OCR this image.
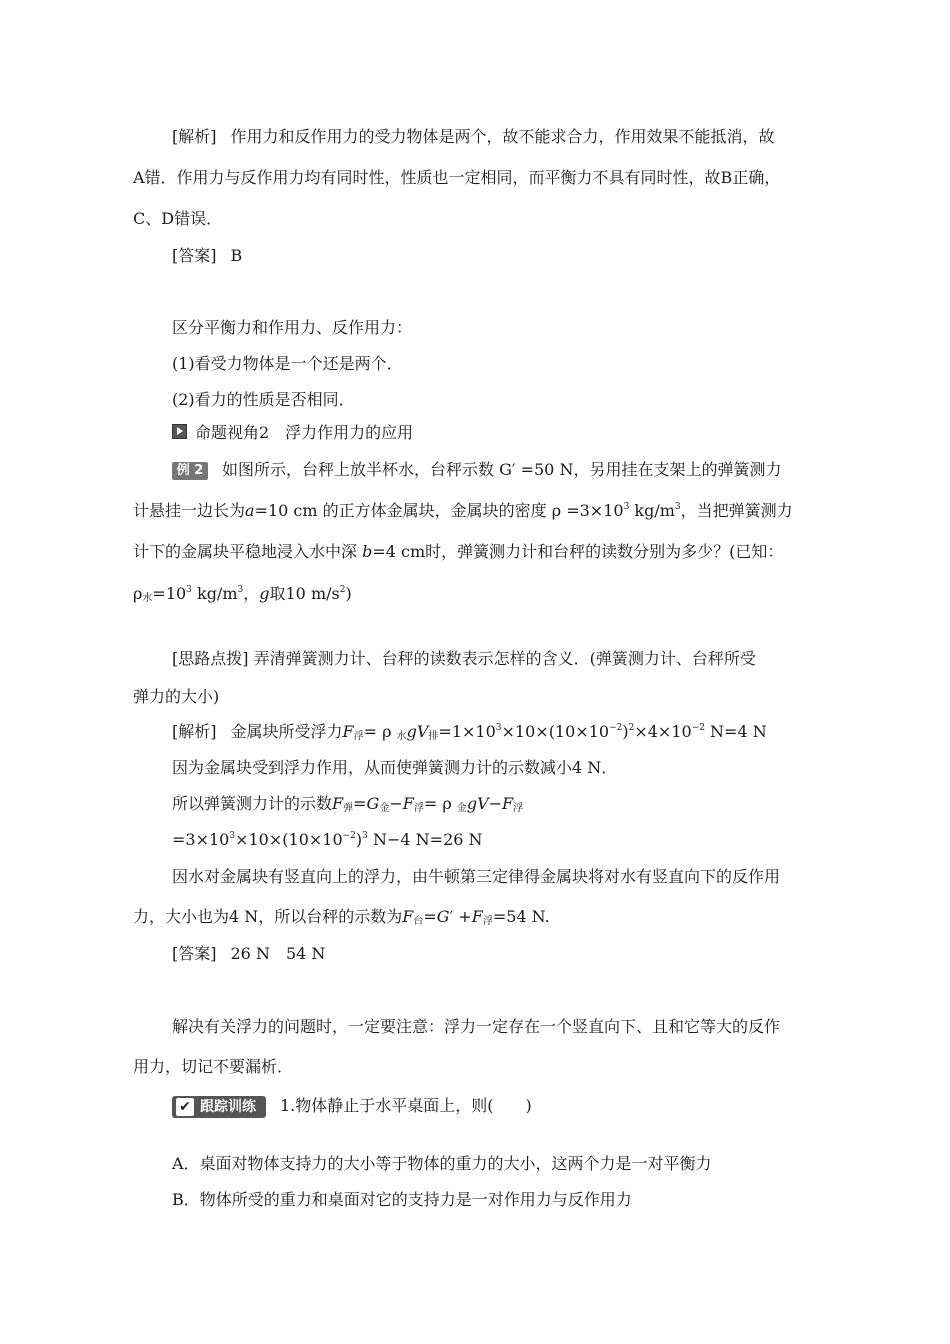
[解析] 作用力和反作用力的受力物体是两个，故不能求合力，作用效果不能抵消，故
A错．作用力与反作用力均有同时性，性质也一定相同，而平衡力不具有同时性，故B正确，
C、D错误．
[答案] B
区分平衡力和作用力、反作用力：
(1)看受力物体是一个还是两个．
(2)看力的性质是否相同．
命题视角2　浮力作用力的应用
例 2 如图所示，台秤上放半杯水，台秤示数 G′ =50 N，另用挂在支架上的弹簧测力
计悬挂一边长为a=10 cm 的正方体金属块，金属块的密度 $\rho =3\times 10^3$ $kg/m^3$，当把弹簧测力
计下的金属块平稳地浸入水中深 b=4 cm时，弹簧测力计和台秤的读数分别为多少？(已知：
$\rho_水=10^3$ $kg/m^3$，g取10 $m/s^2$)
[思路点拨] 弄清弹簧测力计、台秤的读数表示怎样的含义．(弹簧测力计、台秤所受
弹力的大小)
[解析] 金属块所受浮力$F_浮= \rho$ $_水gV_排=1\times 10^3\times 10\times(10\times 10^{-2})^2\times 4\times 10^{-2}$ N=4 N
因为金属块受到浮力作用，从而使弹簧测力计的示数减小4 N．
所以弹簧测力计的示数$F_弹=G_金-F_浮= \rho$ $_金gV-F_浮$
$=3\times 10^3\times 10\times(10\times 10^{-2})^3$ N−4 N=26 N
因水对金属块有竖直向上的浮力，由牛顿第三定律得金属块将对水有竖直向下的反作用
力，大小也为4 N，所以台秤的示数为$F_台=G' +F_浮=54$ N.
[答案] 26 N　54 N
解决有关浮力的问题时，一定要注意：浮力一定存在一个竖直向下、且和它等大的反作
用力，切记不要漏析．
✔ 跟踪训练 1.物体静止于水平桌面上，则(　　)
A．桌面对物体支持力的大小等于物体的重力的大小，这两个力是一对平衡力
B．物体所受的重力和桌面对它的支持力是一对作用力与反作用力
